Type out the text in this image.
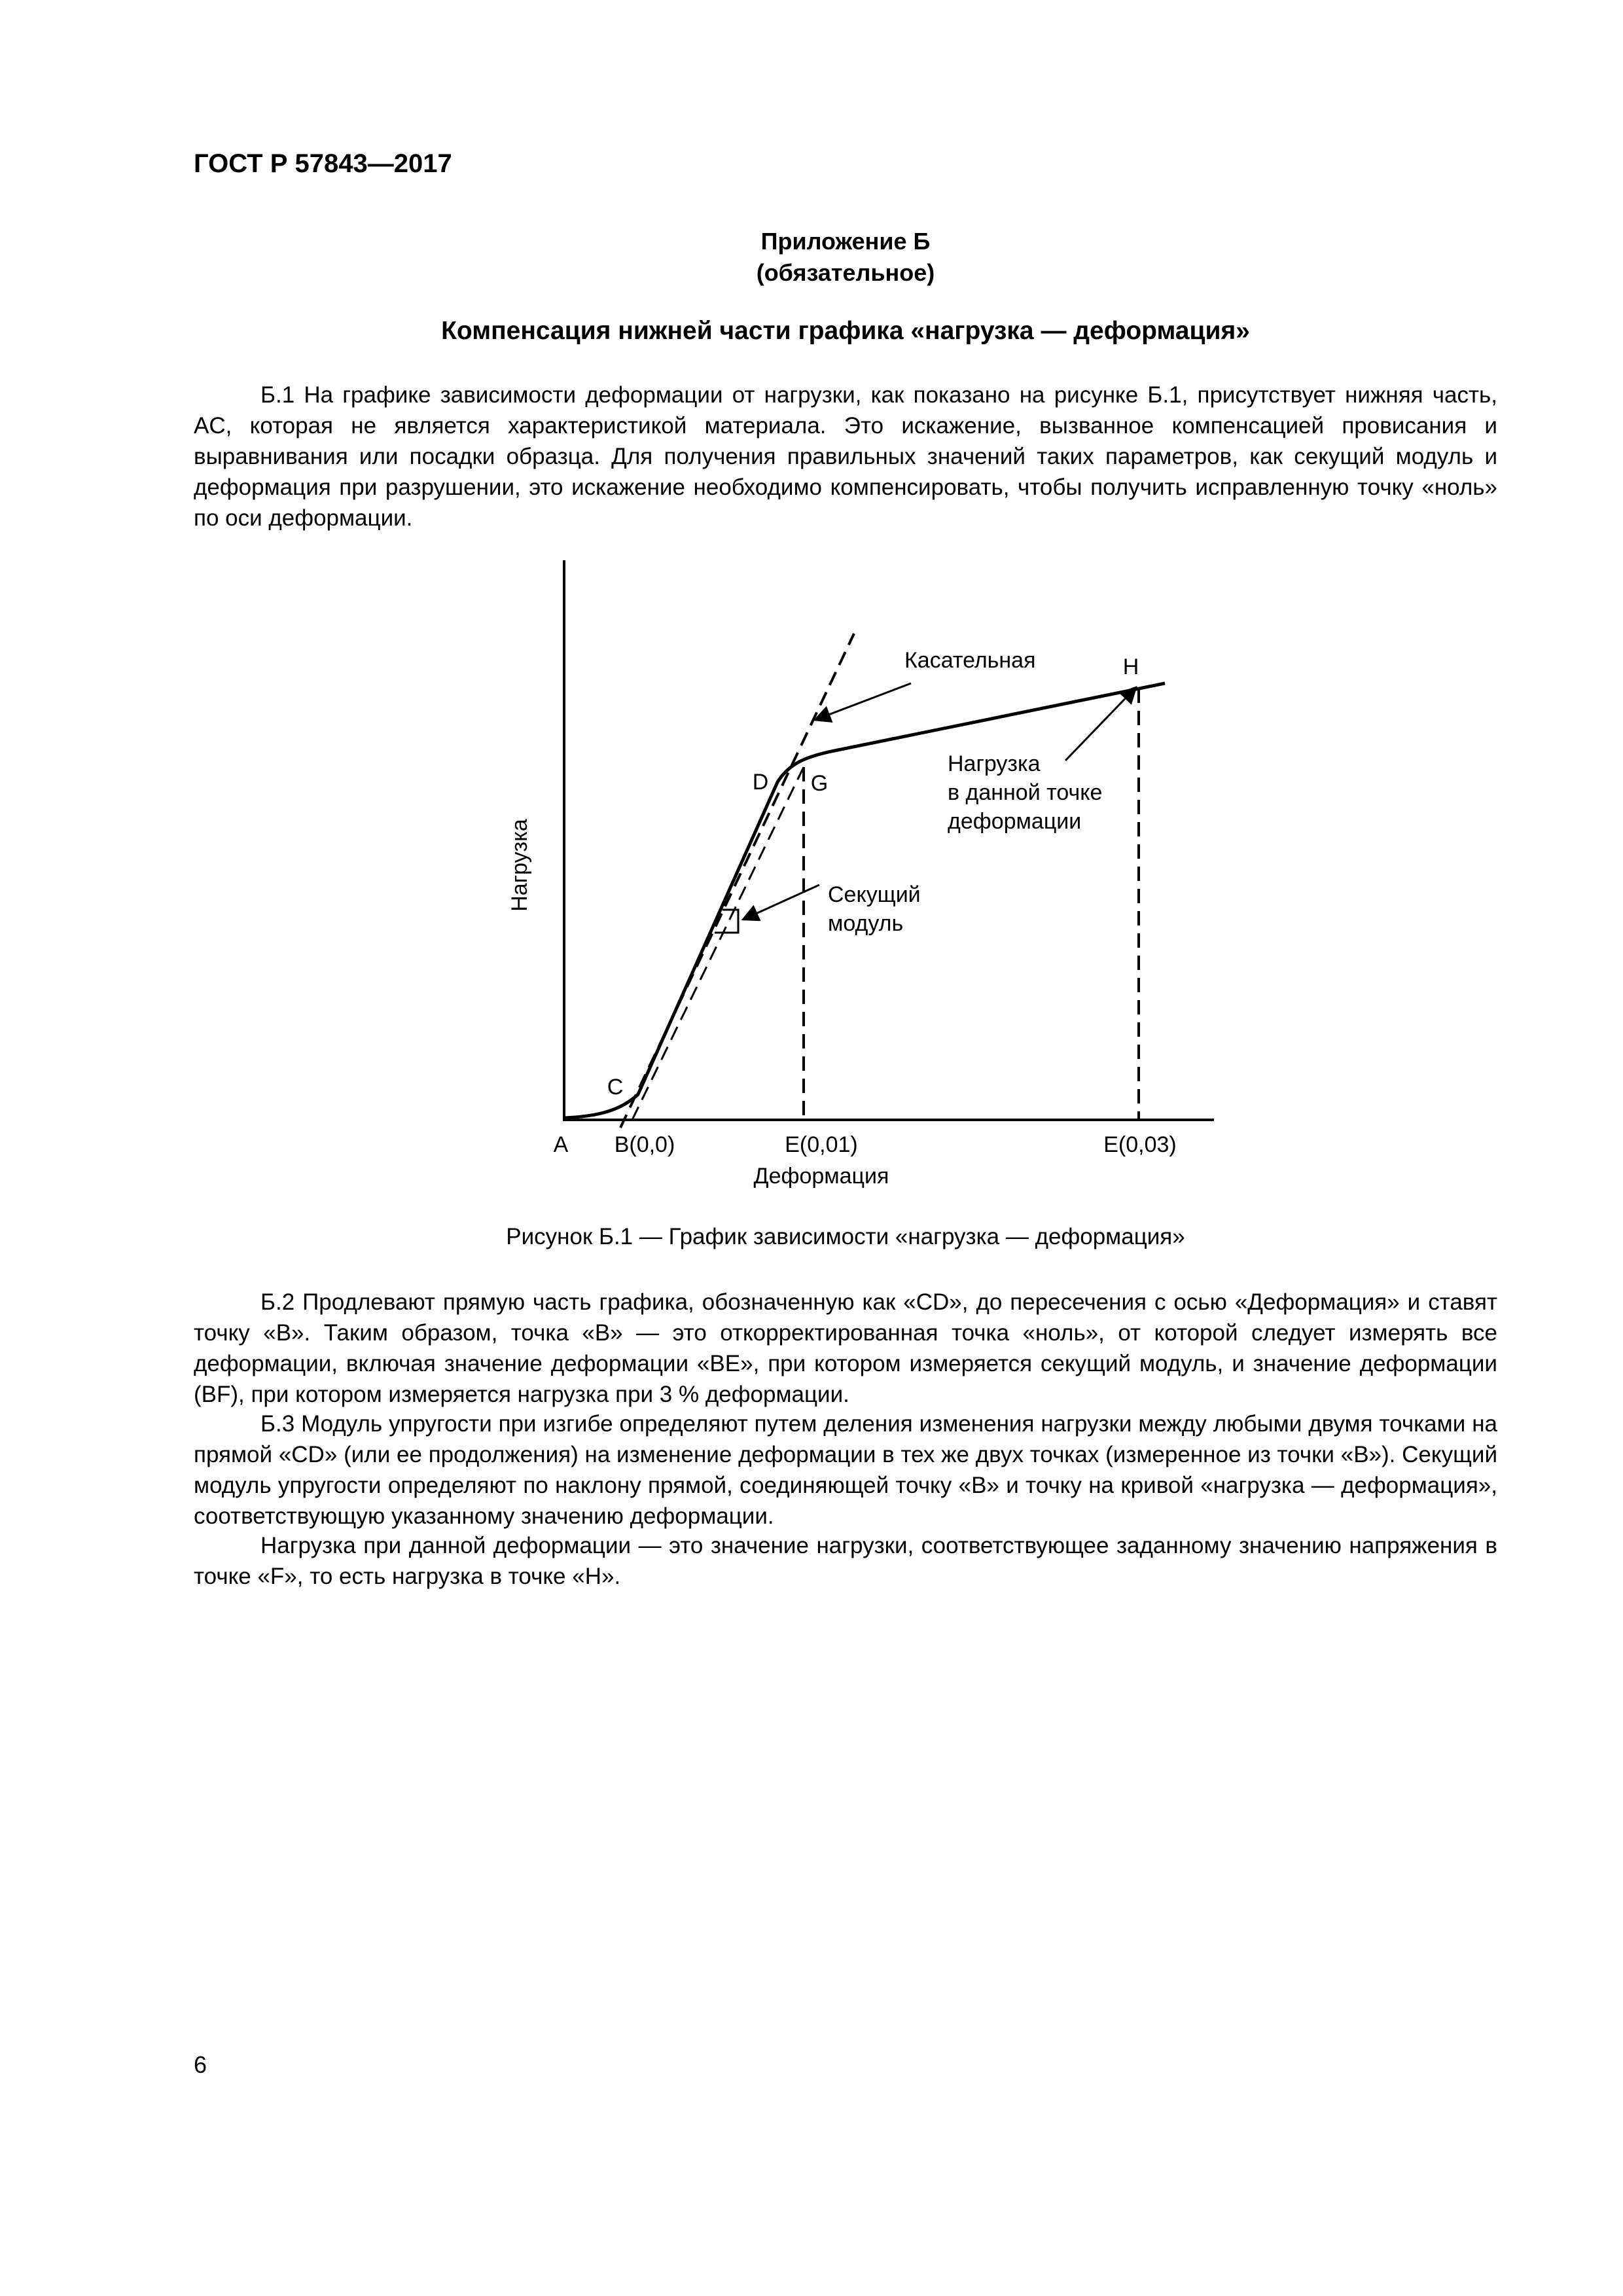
ГОСТ Р 57843—2017
Приложение Б
(обязательное)
Компенсация нижней части графика «нагрузка — деформация»

Б.1 На графике зависимости деформации от нагрузки, как показано на рисунке Б.1, присутствует нижняя часть, AC, которая не является характеристикой материала. Это искажение, вызванное компенсацией провисания и выравнивания или посадки образца. Для получения правильных значений таких параметров, как секущий модуль и деформация при разрушении, это искажение необходимо компенсировать, чтобы получить исправленную точку «ноль» по оси деформации.

Нагрузка
Деформация
A B(0,0)	E(0,01)	E(0,03)
C
D G
H
Касательная
Секущий
модуль
Нагрузка
в данной точке
деформации
Рисунок Б.1 — График зависимости «нагрузка — деформация»

Б.2 Продлевают прямую часть графика, обозначенную как «CD», до пересечения с осью «Деформация» и ставят точку «B». Таким образом, точка «B» — это откорректированная точка «ноль», от которой следует измерять все деформации, включая значение деформации «BE», при котором измеряется секущий модуль, и значение деформации (BF), при котором измеряется нагрузка при 3 % деформации.

Б.3 Модуль упругости при изгибе определяют путем деления изменения нагрузки между любыми двумя точками на прямой «CD» (или ее продолжения) на изменение деформации в тех же двух точках (измеренное из точки «B»). Секущий модуль упругости определяют по наклону прямой, соединяющей точку «B» и точку на кривой «нагрузка — деформация», соответствующую указанному значению деформации.

Нагрузка при данной деформации — это значение нагрузки, соответствующее заданному значению напряжения в точке «F», то есть нагрузка в точке «H».

6
